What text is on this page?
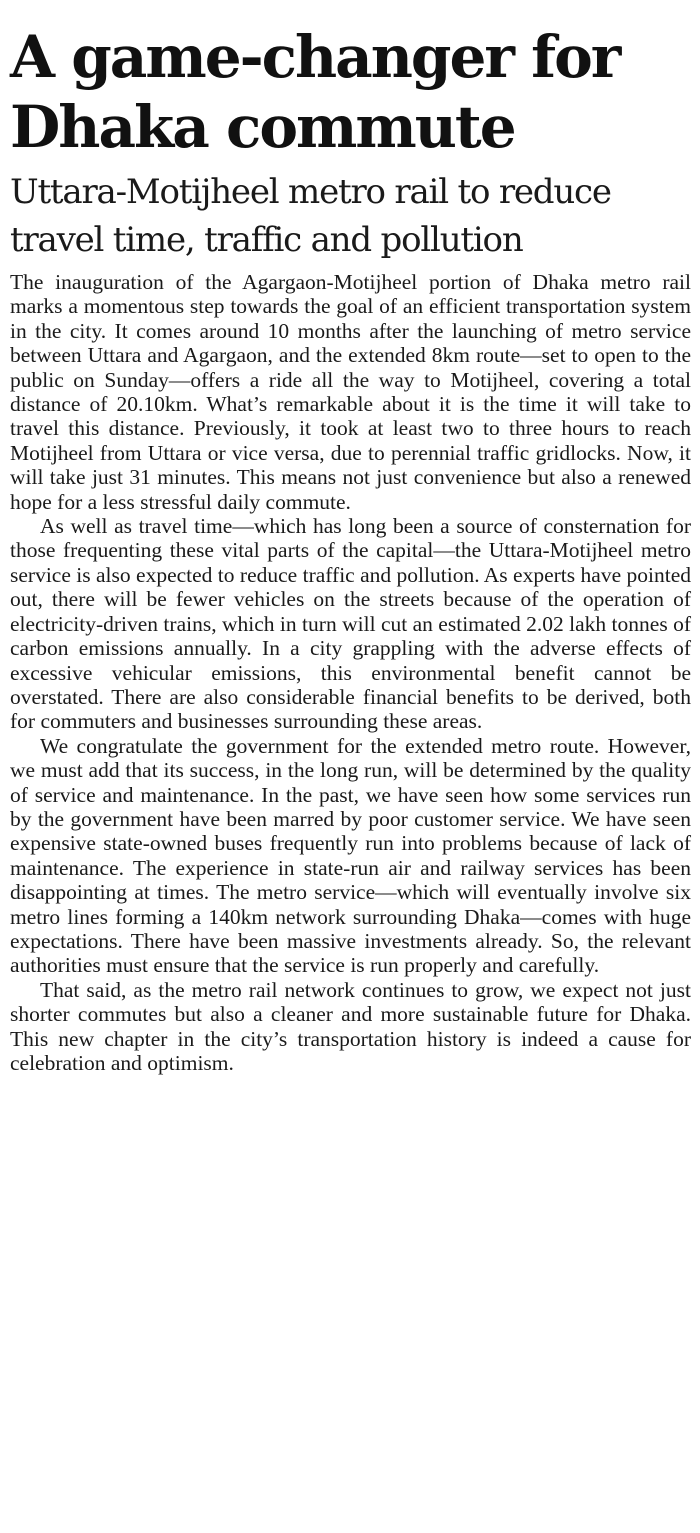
A game-changer for Dhaka commute
Uttara-Motijheel metro rail to reduce travel time, traffic and pollution

The inauguration of the Agargaon-Motijheel portion of Dhaka metro rail marks a momentous step towards the goal of an efficient transportation system in the city. It comes around 10 months after the launching of metro service between Uttara and Agargaon, and the extended 8km route—set to open to the public on Sunday—offers a ride all the way to Motijheel, covering a total distance of 20.10km. What’s remarkable about it is the time it will take to travel this distance. Previously, it took at least two to three hours to reach Motijheel from Uttara or vice versa, due to perennial traffic gridlocks. Now, it will take just 31 minutes. This means not just convenience but also a renewed hope for a less stressful daily commute.

As well as travel time—which has long been a source of consternation for those frequenting these vital parts of the capital—the Uttara-Motijheel metro service is also expected to reduce traffic and pollution. As experts have pointed out, there will be fewer vehicles on the streets because of the operation of electricity-driven trains, which in turn will cut an estimated 2.02 lakh tonnes of carbon emissions annually. In a city grappling with the adverse effects of excessive vehicular emissions, this environmental benefit cannot be overstated. There are also considerable financial benefits to be derived, both for commuters and businesses surrounding these areas.

We congratulate the government for the extended metro route. However, we must add that its success, in the long run, will be determined by the quality of service and maintenance. In the past, we have seen how some services run by the government have been marred by poor customer service. We have seen expensive state-owned buses frequently run into problems because of lack of maintenance. The experience in state-run air and railway services has been disappointing at times. The metro service—which will eventually involve six metro lines forming a 140km network surrounding Dhaka—comes with huge expectations. There have been massive investments already. So, the relevant authorities must ensure that the service is run properly and carefully.

That said, as the metro rail network continues to grow, we expect not just shorter commutes but also a cleaner and more sustainable future for Dhaka. This new chapter in the city’s transportation history is indeed a cause for celebration and optimism.
